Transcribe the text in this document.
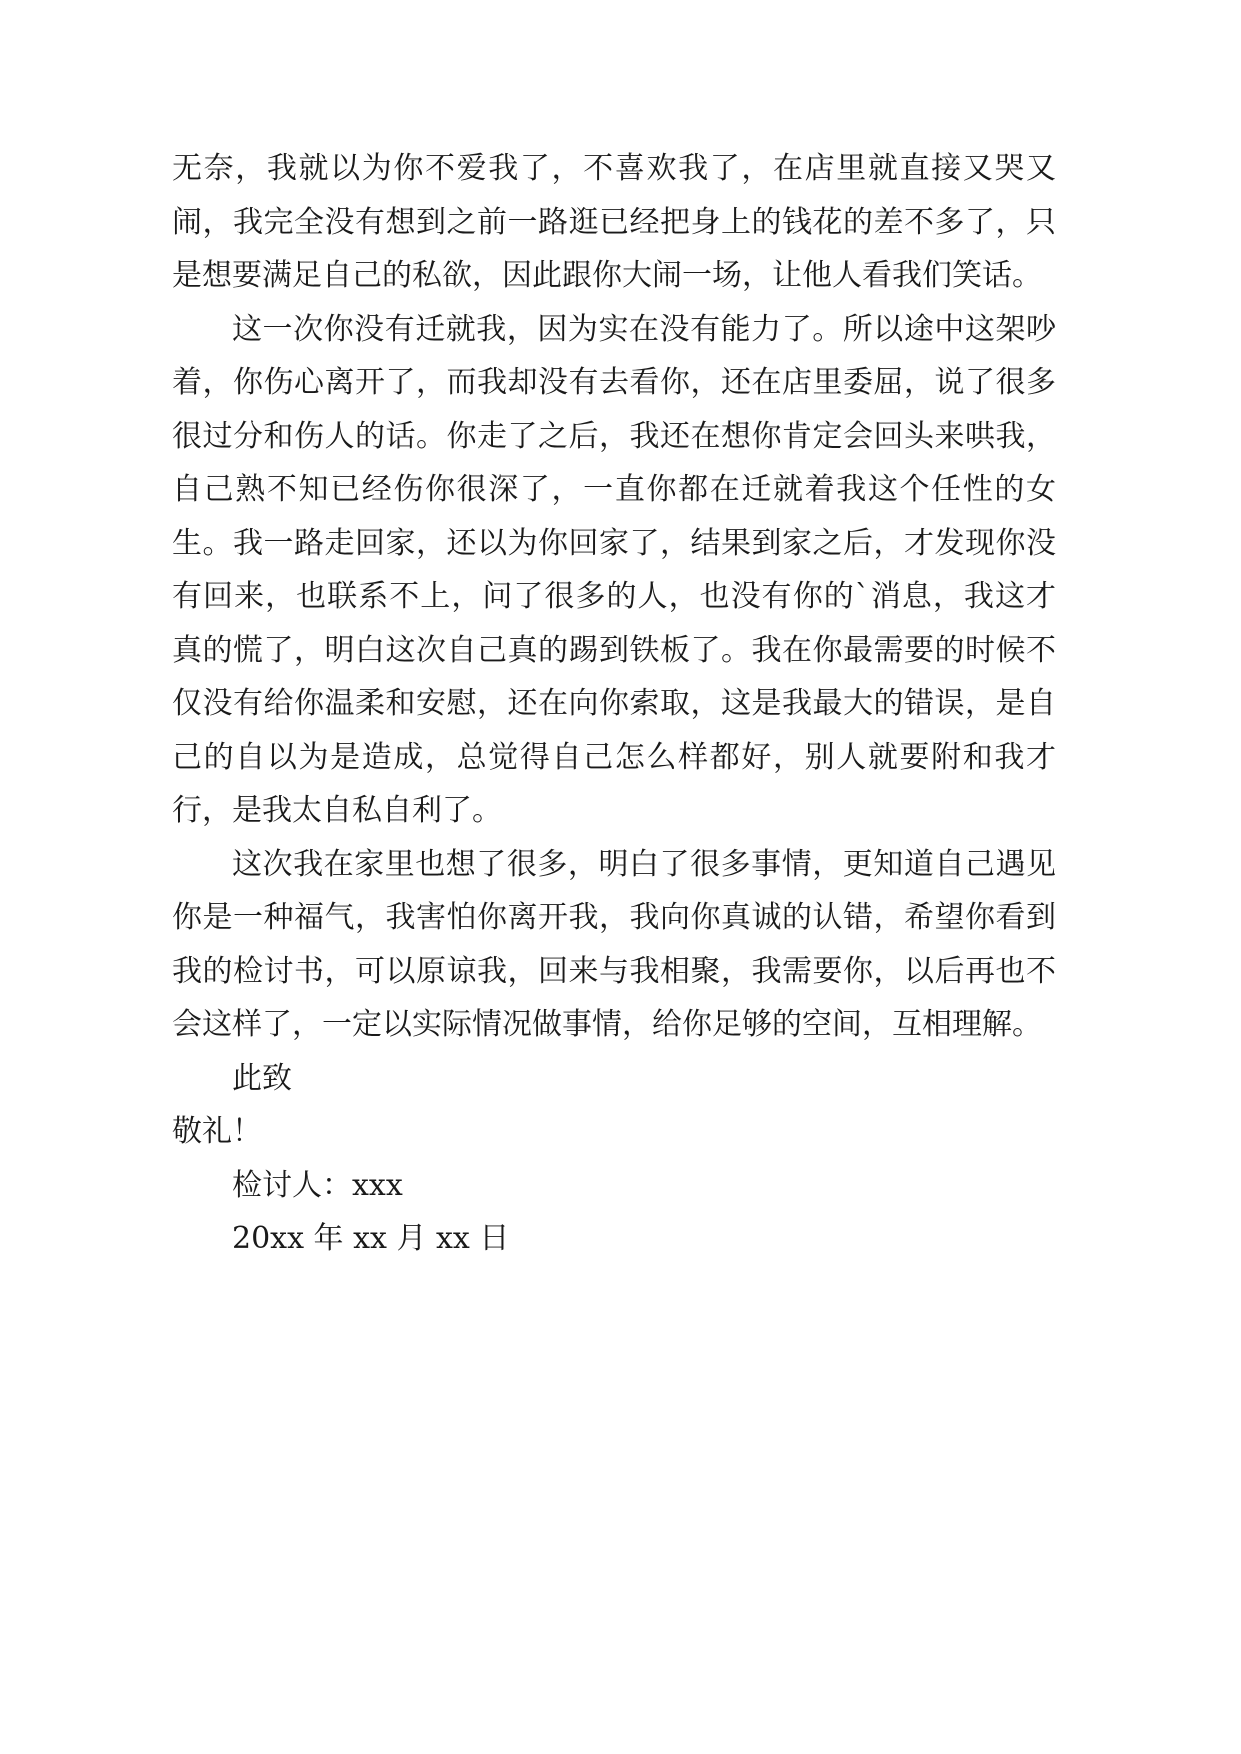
无奈，我就以为你不爱我了，不喜欢我了，在店里就直接又哭又闹，我完全没有想到之前一路逛已经把身上的钱花的差不多了，只是想要满足自己的私欲，因此跟你大闹一场，让他人看我们笑话。

这一次你没有迁就我，因为实在没有能力了。所以途中这架吵着，你伤心离开了，而我却没有去看你，还在店里委屈，说了很多很过分和伤人的话。你走了之后，我还在想你肯定会回头来哄我，自己熟不知已经伤你很深了，一直你都在迁就着我这个任性的女生。我一路走回家，还以为你回家了，结果到家之后，才发现你没有回来，也联系不上，问了很多的人，也没有你的`消息，我这才真的慌了，明白这次自己真的踢到铁板了。我在你最需要的时候不仅没有给你温柔和安慰，还在向你索取，这是我最大的错误，是自己的自以为是造成，总觉得自己怎么样都好，别人就要附和我才行，是我太自私自利了。

这次我在家里也想了很多，明白了很多事情，更知道自己遇见你是一种福气，我害怕你离开我，我向你真诚的认错，希望你看到我的检讨书，可以原谅我，回来与我相聚，我需要你，以后再也不会这样了，一定以实际情况做事情，给你足够的空间，互相理解。

此致

敬礼！

检讨人：xxx

20xx 年 xx 月 xx 日
